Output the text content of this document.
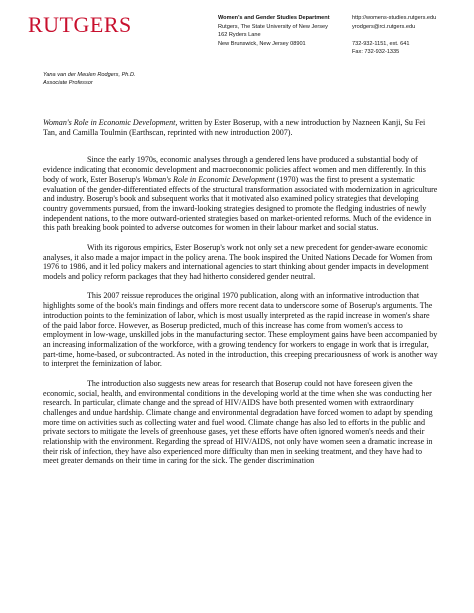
RUTGERS	Women's and Gender Studies Department
Rutgers, The State University of New Jersey
162 Ryders Lane
New Brunswick, New Jersey 08901
http://womens-studies.rutgers.edu
yrodgers@rci.rutgers.edu
732-932-1151, ext. 641
Fax: 732-932-1335
Yana van der Meulen Rodgers, Ph.D.
Associate Professor

Woman's Role in Economic Development, written by Ester Boserup, with a new introduction by Nazneen Kanji, Su Fei Tan, and Camilla Toulmin (Earthscan, reprinted with new introduction 2007).

Since the early 1970s, economic analyses through a gendered lens have produced a substantial body of evidence indicating that economic development and macroeconomic policies affect women and men differently. In this body of work, Ester Boserup's Woman's Role in Economic Development (1970) was the first to present a systematic evaluation of the gender-differentiated effects of the structural transformation associated with modernization in agriculture and industry. Boserup's book and subsequent works that it motivated also examined policy strategies that developing country governments pursued, from the inward-looking strategies designed to promote the fledging industries of newly independent nations, to the more outward-oriented strategies based on market-oriented reforms. Much of the evidence in this path breaking book pointed to adverse outcomes for women in their labour market and social status.

With its rigorous empirics, Ester Boserup's work not only set a new precedent for gender-aware economic analyses, it also made a major impact in the policy arena. The book inspired the United Nations Decade for Women from 1976 to 1986, and it led policy makers and international agencies to start thinking about gender impacts in development models and policy reform packages that they had hitherto considered gender neutral.

This 2007 reissue reproduces the original 1970 publication, along with an informative introduction that highlights some of the book's main findings and offers more recent data to underscore some of Boserup's arguments. The introduction points to the feminization of labor, which is most usually interpreted as the rapid increase in women's share of the paid labor force. However, as Boserup predicted, much of this increase has come from women's access to employment in low-wage, unskilled jobs in the manufacturing sector. These employment gains have been accompanied by an increasing informalization of the workforce, with a growing tendency for workers to engage in work that is irregular, part-time, home-based, or subcontracted. As noted in the introduction, this creeping precariousness of work is another way to interpret the feminization of labor.

The introduction also suggests new areas for research that Boserup could not have foreseen given the economic, social, health, and environmental conditions in the developing world at the time when she was conducting her research. In particular, climate change and the spread of HIV/AIDS have both presented women with extraordinary challenges and undue hardship. Climate change and environmental degradation have forced women to adapt by spending more time on activities such as collecting water and fuel wood. Climate change has also led to efforts in the public and private sectors to mitigate the levels of greenhouse gases, yet these efforts have often ignored women's needs and their relationship with the environment. Regarding the spread of HIV/AIDS, not only have women seen a dramatic increase in their risk of infection, they have also experienced more difficulty than men in seeking treatment, and they have had to meet greater demands on their time in caring for the sick. The gender discrimination
